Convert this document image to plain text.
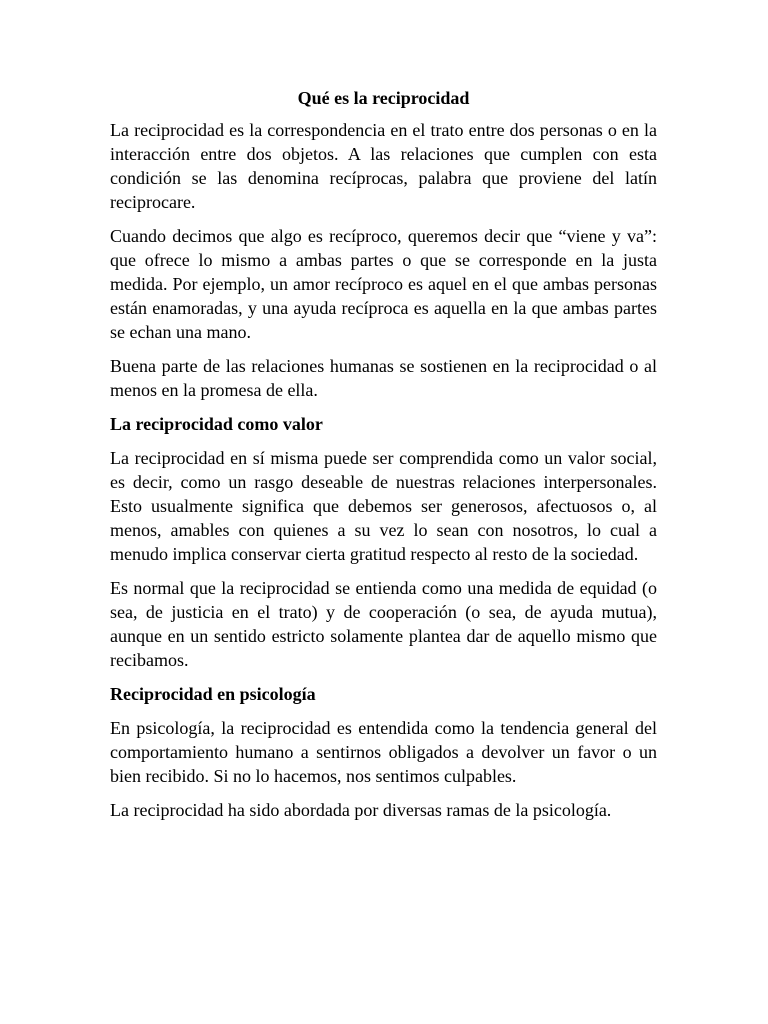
Qué es la reciprocidad

La reciprocidad es la correspondencia en el trato entre dos personas o en la interacción entre dos objetos. A las relaciones que cumplen con esta condición se las denomina recíprocas, palabra que proviene del latín reciprocare.

Cuando decimos que algo es recíproco, queremos decir que “viene y va”: que ofrece lo mismo a ambas partes o que se corresponde en la justa medida. Por ejemplo, un amor recíproco es aquel en el que ambas personas están enamoradas, y una ayuda recíproca es aquella en la que ambas partes se echan una mano.

Buena parte de las relaciones humanas se sostienen en la reciprocidad o al menos en la promesa de ella.

La reciprocidad como valor

La reciprocidad en sí misma puede ser comprendida como un valor social, es decir, como un rasgo deseable de nuestras relaciones interpersonales. Esto usualmente significa que debemos ser generosos, afectuosos o, al menos, amables con quienes a su vez lo sean con nosotros, lo cual a menudo implica conservar cierta gratitud respecto al resto de la sociedad.

Es normal que la reciprocidad se entienda como una medida de equidad (o sea, de justicia en el trato) y de cooperación (o sea, de ayuda mutua), aunque en un sentido estricto solamente plantea dar de aquello mismo que recibamos.

Reciprocidad en psicología

En psicología, la reciprocidad es entendida como la tendencia general del comportamiento humano a sentirnos obligados a devolver un favor o un bien recibido. Si no lo hacemos, nos sentimos culpables.

La reciprocidad ha sido abordada por diversas ramas de la psicología.
